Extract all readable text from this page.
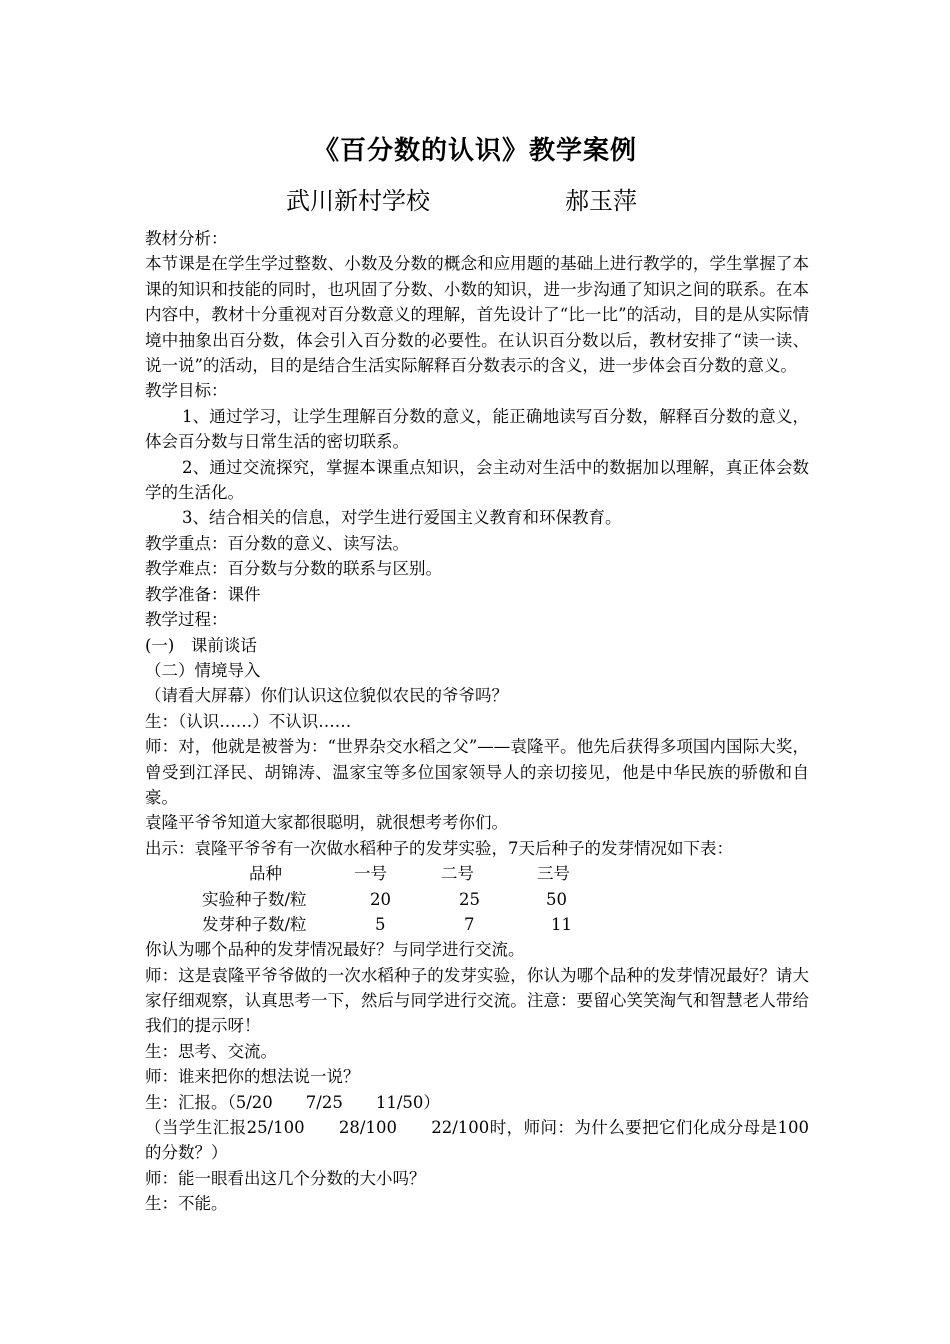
《百分数的认识》教学案例
武川新村学校	郝玉萍

教材分析：

本节课是在学生学过整数、小数及分数的概念和应用题的基础上进行教学的，学生掌握了本课的知识和技能的同时，也巩固了分数、小数的知识，进一步沟通了知识之间的联系。在本内容中，教材十分重视对百分数意义的理解，首先设计了“比一比”的活动，目的是从实际情境中抽象出百分数，体会引入百分数的必要性。在认识百分数以后，教材安排了“读一读、说一说”的活动，目的是结合生活实际解释百分数表示的含义，进一步体会百分数的意义。

教学目标：

1、通过学习，让学生理解百分数的意义，能正确地读写百分数，解释百分数的意义，体会百分数与日常生活的密切联系。

2、通过交流探究，掌握本课重点知识，会主动对生活中的数据加以理解，真正体会数学的生活化。

3、结合相关的信息，对学生进行爱国主义教育和环保教育。

教学重点：百分数的意义、读写法。

教学难点：百分数与分数的联系与区别。

教学准备：课件

教学过程：

(一)　课前谈话

（二）情境导入

（请看大屏幕）你们认识这位貌似农民的爷爷吗？

生：（认识……）不认识……

师：对，他就是被誉为：“世界杂交水稻之父”——袁隆平。他先后获得多项国内国际大奖，曾受到江泽民、胡锦涛、温家宝等多位国家领导人的亲切接见，他是中华民族的骄傲和自豪。

袁隆平爷爷知道大家都很聪明，就很想考考你们。

出示：袁隆平爷爷有一次做水稻种子的发芽实验，7天后种子的发芽情况如下表：

品种	一号	二号	三号
实验种子数/粒	20	25	50
发芽种子数/粒	5	7	11

你认为哪个品种的发芽情况最好？与同学进行交流。

师：这是袁隆平爷爷做的一次水稻种子的发芽实验，你认为哪个品种的发芽情况最好？请大家仔细观察，认真思考一下，然后与同学进行交流。注意：要留心笑笑淘气和智慧老人带给我们的提示呀！

生：思考、交流。

师：谁来把你的想法说一说？

生：汇报。（5/20　　7/25　　11/50）

（当学生汇报25/100　　28/100　　22/100时，师问：为什么要把它们化成分母是100的分数？）

师：能一眼看出这几个分数的大小吗？

生：不能。
